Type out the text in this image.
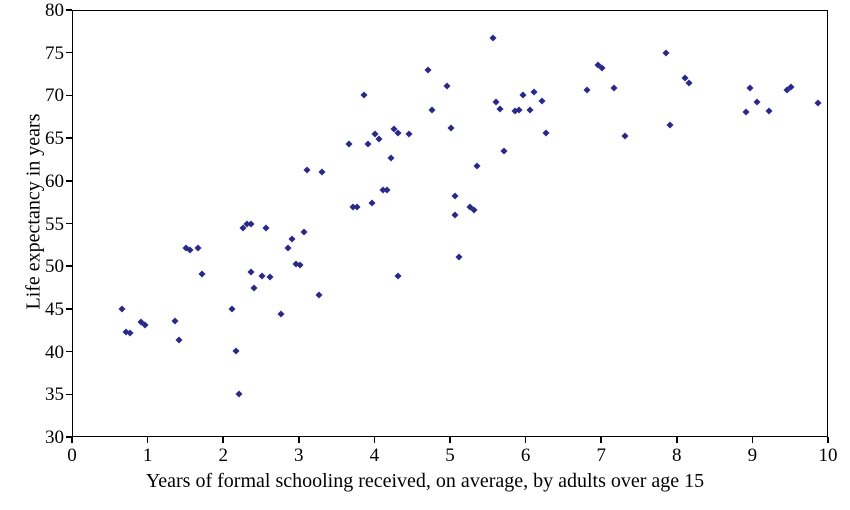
30
35
40
45
50
55
60
65
70
75
80
0	1	2	3	4	5	6	7	8	9	10
Life expectancy in years
Years of formal schooling received, on average, by adults over age 15
